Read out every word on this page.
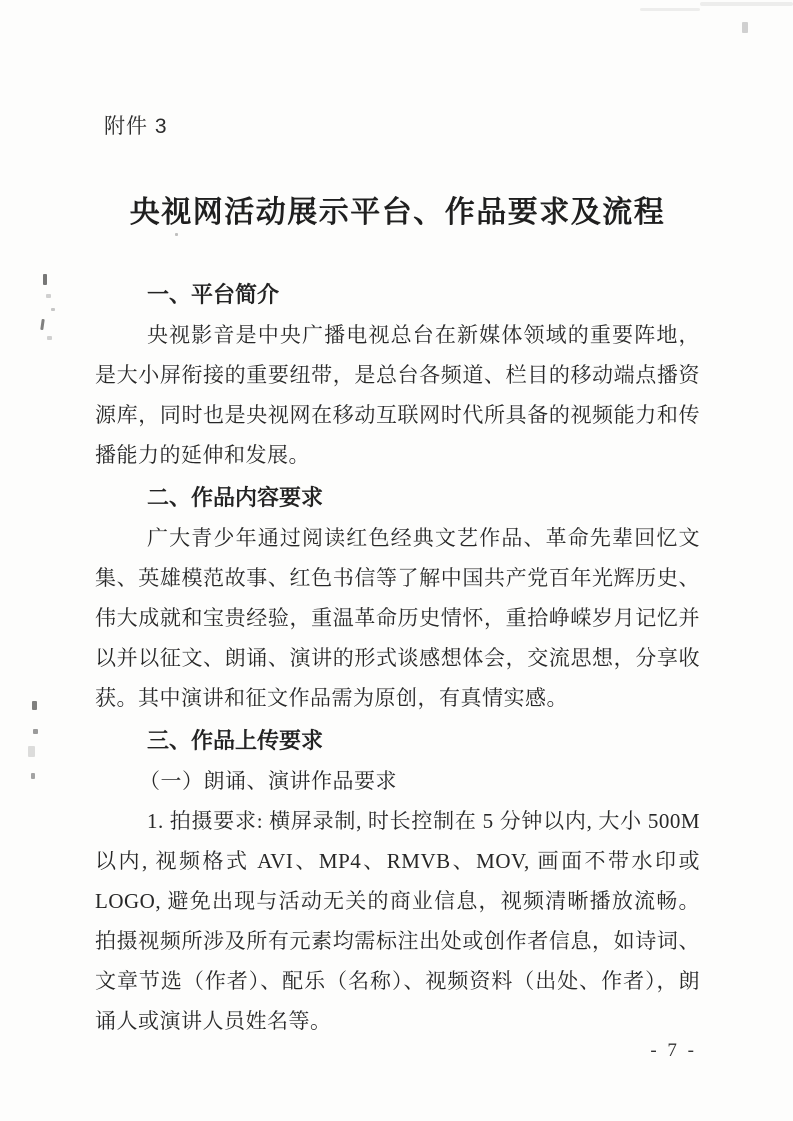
附件 3
央视网活动展示平台、作品要求及流程
一、平台简介

央视影音是中央广播电视总台在新媒体领域的重要阵地，是大小屏衔接的重要纽带，是总台各频道、栏目的移动端点播资源库，同时也是央视网在移动互联网时代所具备的视频能力和传播能力的延伸和发展。

二、作品内容要求

广大青少年通过阅读红色经典文艺作品、革命先辈回忆文集、英雄模范故事、红色书信等了解中国共产党百年光辉历史、伟大成就和宝贵经验，重温革命历史情怀，重拾峥嵘岁月记忆并以并以征文、朗诵、演讲的形式谈感想体会，交流思想，分享收获。其中演讲和征文作品需为原创，有真情实感。

三、作品上传要求

（一）朗诵、演讲作品要求

1. 拍摄要求: 横屏录制, 时长控制在 5 分钟以内, 大小 500M 以内, 视频格式 AVI、MP4、RMVB、MOV, 画面不带水印或 LOGO, 避免出现与活动无关的商业信息，视频清晰播放流畅。拍摄视频所涉及所有元素均需标注出处或创作者信息，如诗词、文章节选（作者）、配乐（名称）、视频资料（出处、作者），朗诵人或演讲人员姓名等。

- 7 -
